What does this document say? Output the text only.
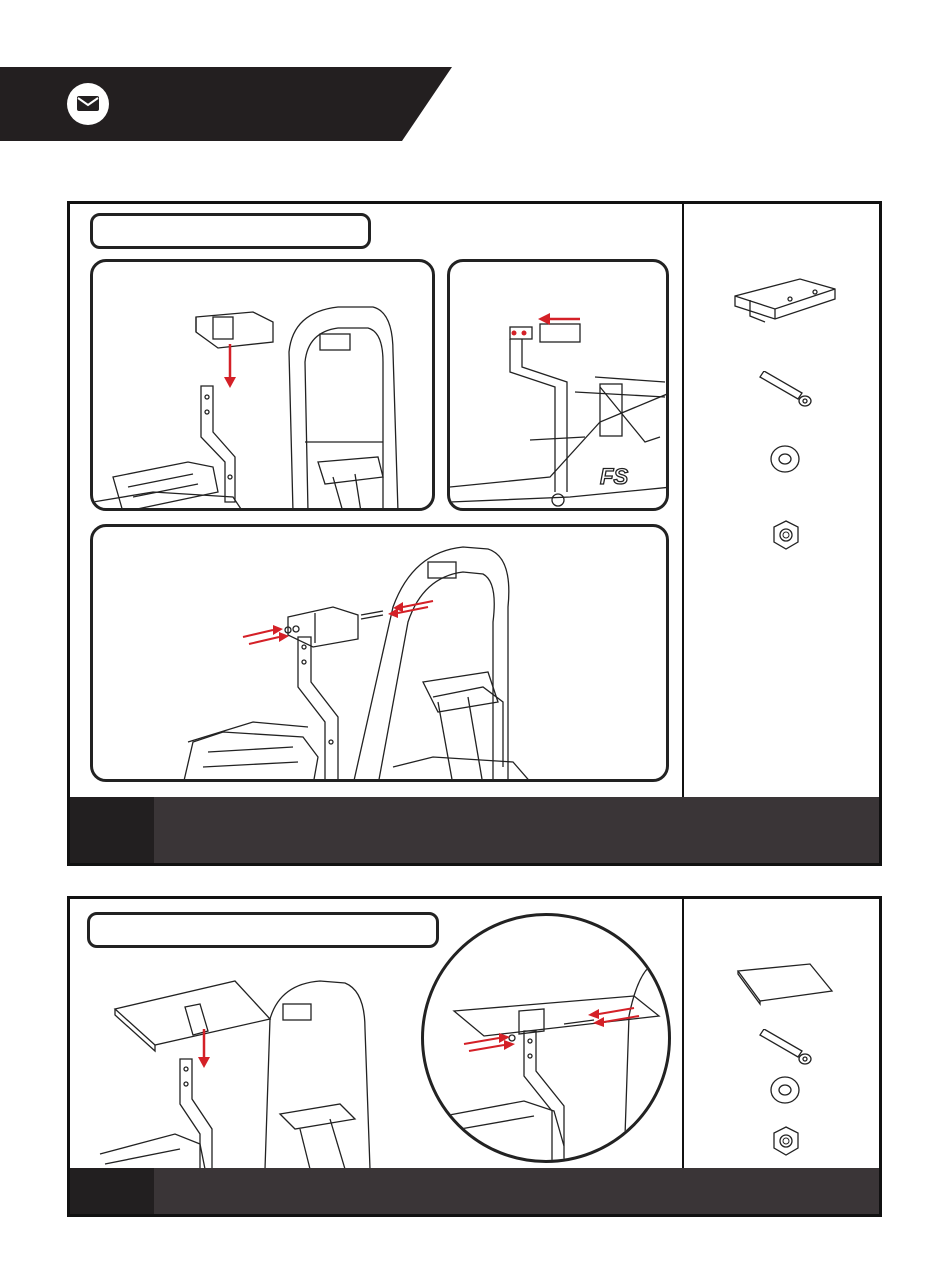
FS
